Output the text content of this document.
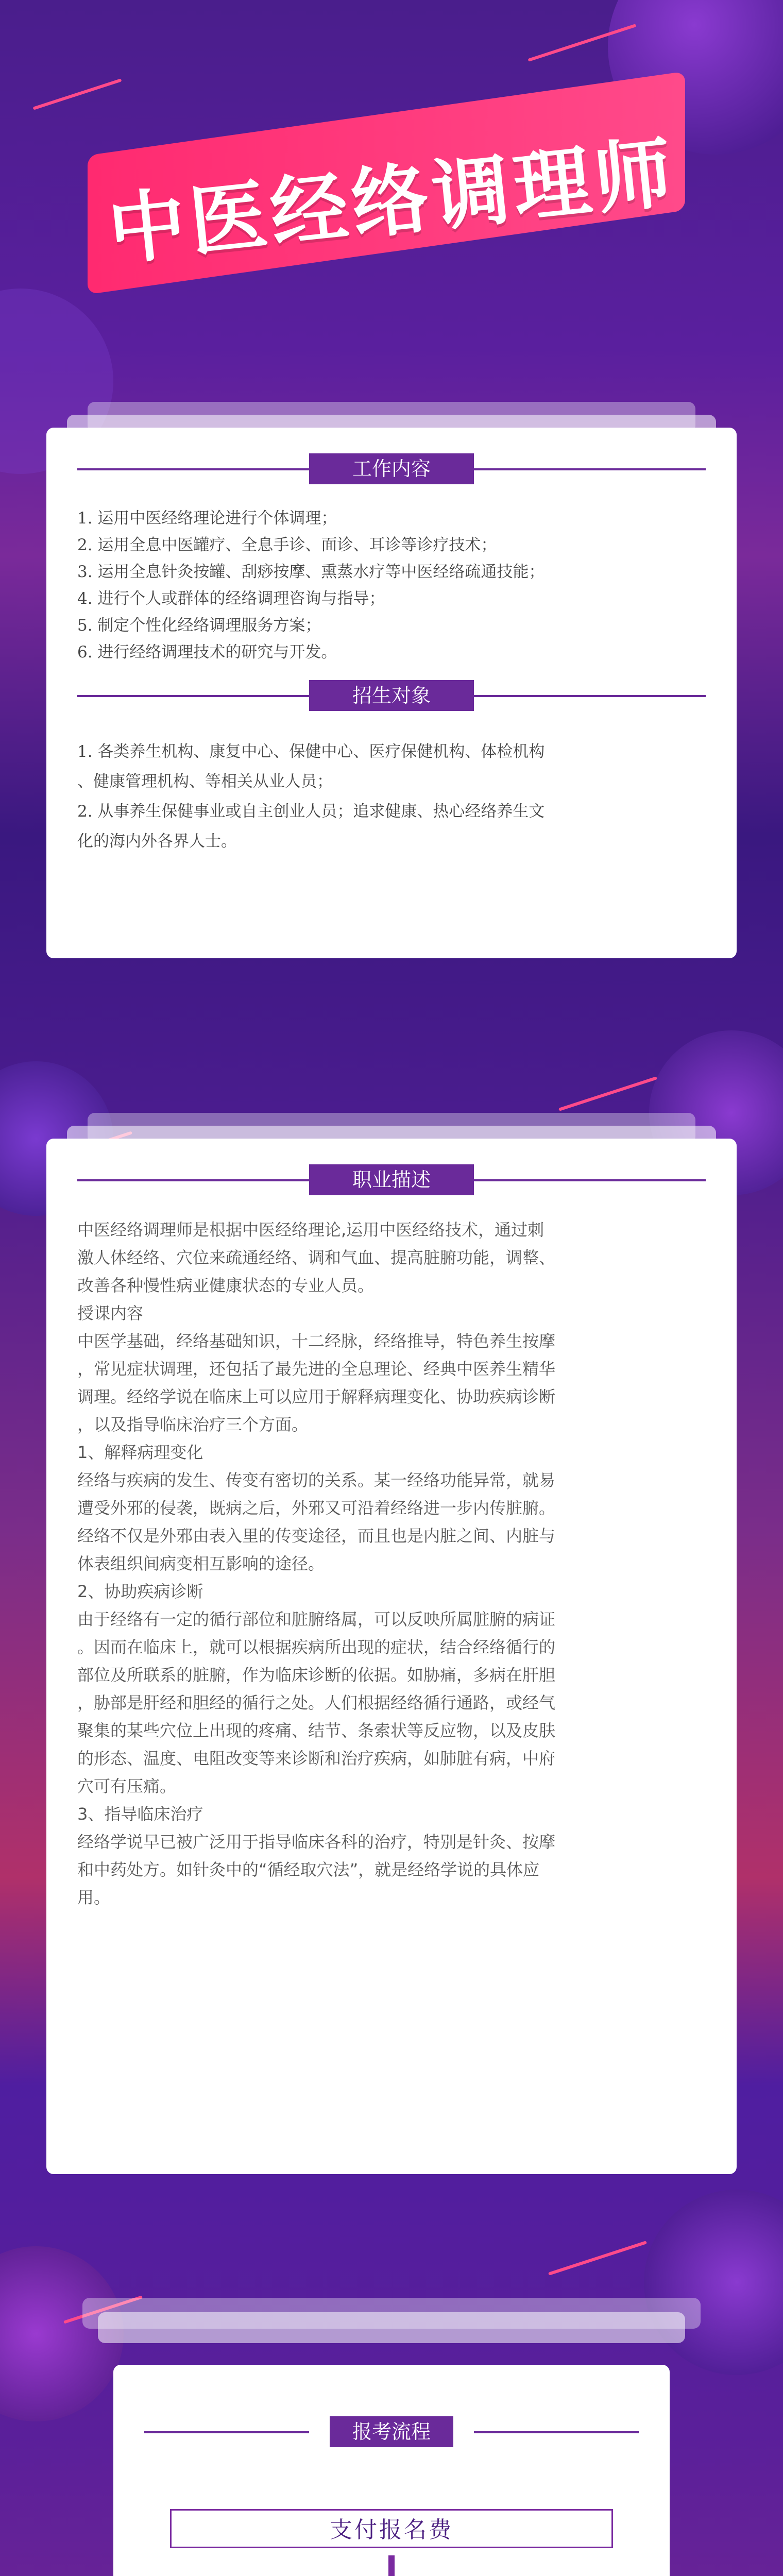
中医经络调理师
工作内容
1. 运用中医经络理论进行个体调理；
2. 运用全息中医罐疗、全息手诊、面诊、耳诊等诊疗技术；
3. 运用全息针灸按罐、刮痧按摩、熏蒸水疗等中医经络疏通技能；
4. 进行个人或群体的经络调理咨询与指导；
5. 制定个性化经络调理服务方案；
6. 进行经络调理技术的研究与开发。
招生对象
1. 各类养生机构、康复中心、保健中心、医疗保健机构、体检机构
、健康管理机构、等相关从业人员；
2. 从事养生保健事业或自主创业人员；追求健康、热心经络养生文
化的海内外各界人士。
职业描述

中医经络调理师是根据中医经络理论,运用中医经络技术，通过刺

激人体经络、穴位来疏通经络、调和气血、提高脏腑功能，调整、

改善各种慢性病亚健康状态的专业人员。

授课内容

中医学基础，经络基础知识，十二经脉，经络推导，特色养生按摩

，常见症状调理，还包括了最先进的全息理论、经典中医养生精华

调理。经络学说在临床上可以应用于解释病理变化、协助疾病诊断

，以及指导临床治疗三个方面。

1、解释病理变化

经络与疾病的发生、传变有密切的关系。某一经络功能异常，就易

遭受外邪的侵袭，既病之后，外邪又可沿着经络进一步内传脏腑。

经络不仅是外邪由表入里的传变途径，而且也是内脏之间、内脏与

体表组织间病变相互影响的途径。

2、协助疾病诊断

由于经络有一定的循行部位和脏腑络属，可以反映所属脏腑的病证

。因而在临床上，就可以根据疾病所出现的症状，结合经络循行的

部位及所联系的脏腑，作为临床诊断的依据。如胁痛，多病在肝胆

，胁部是肝经和胆经的循行之处。人们根据经络循行通路，或经气

聚集的某些穴位上出现的疼痛、结节、条索状等反应物，以及皮肤

的形态、温度、电阻改变等来诊断和治疗疾病，如肺脏有病，中府

穴可有压痛。

3、指导临床治疗

经络学说早已被广泛用于指导临床各科的治疗，特别是针灸、按摩

和中药处方。如针灸中的“循经取穴法”，就是经络学说的具体应

用。

报考流程
支付报名费
